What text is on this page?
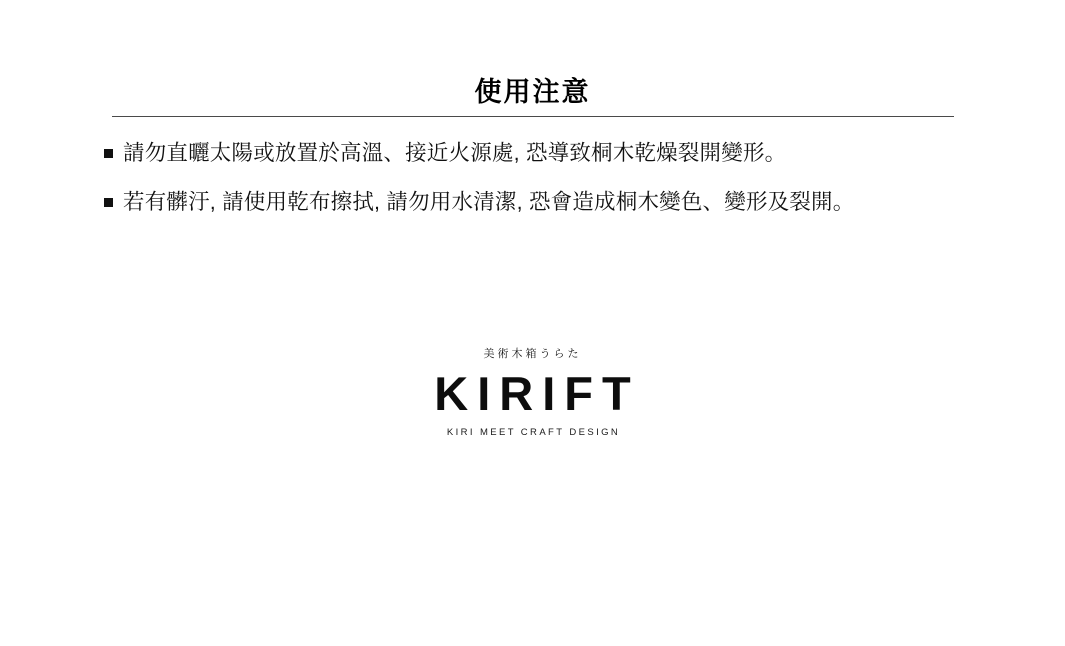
使用注意
請勿直曬太陽或放置於高溫、接近火源處, 恐導致桐木乾燥裂開變形。
若有髒汙, 請使用乾布擦拭, 請勿用水清潔, 恐會造成桐木變色、變形及裂開。
美術木箱うらた
KIRIFT
KIRI MEET CRAFT DESIGN
